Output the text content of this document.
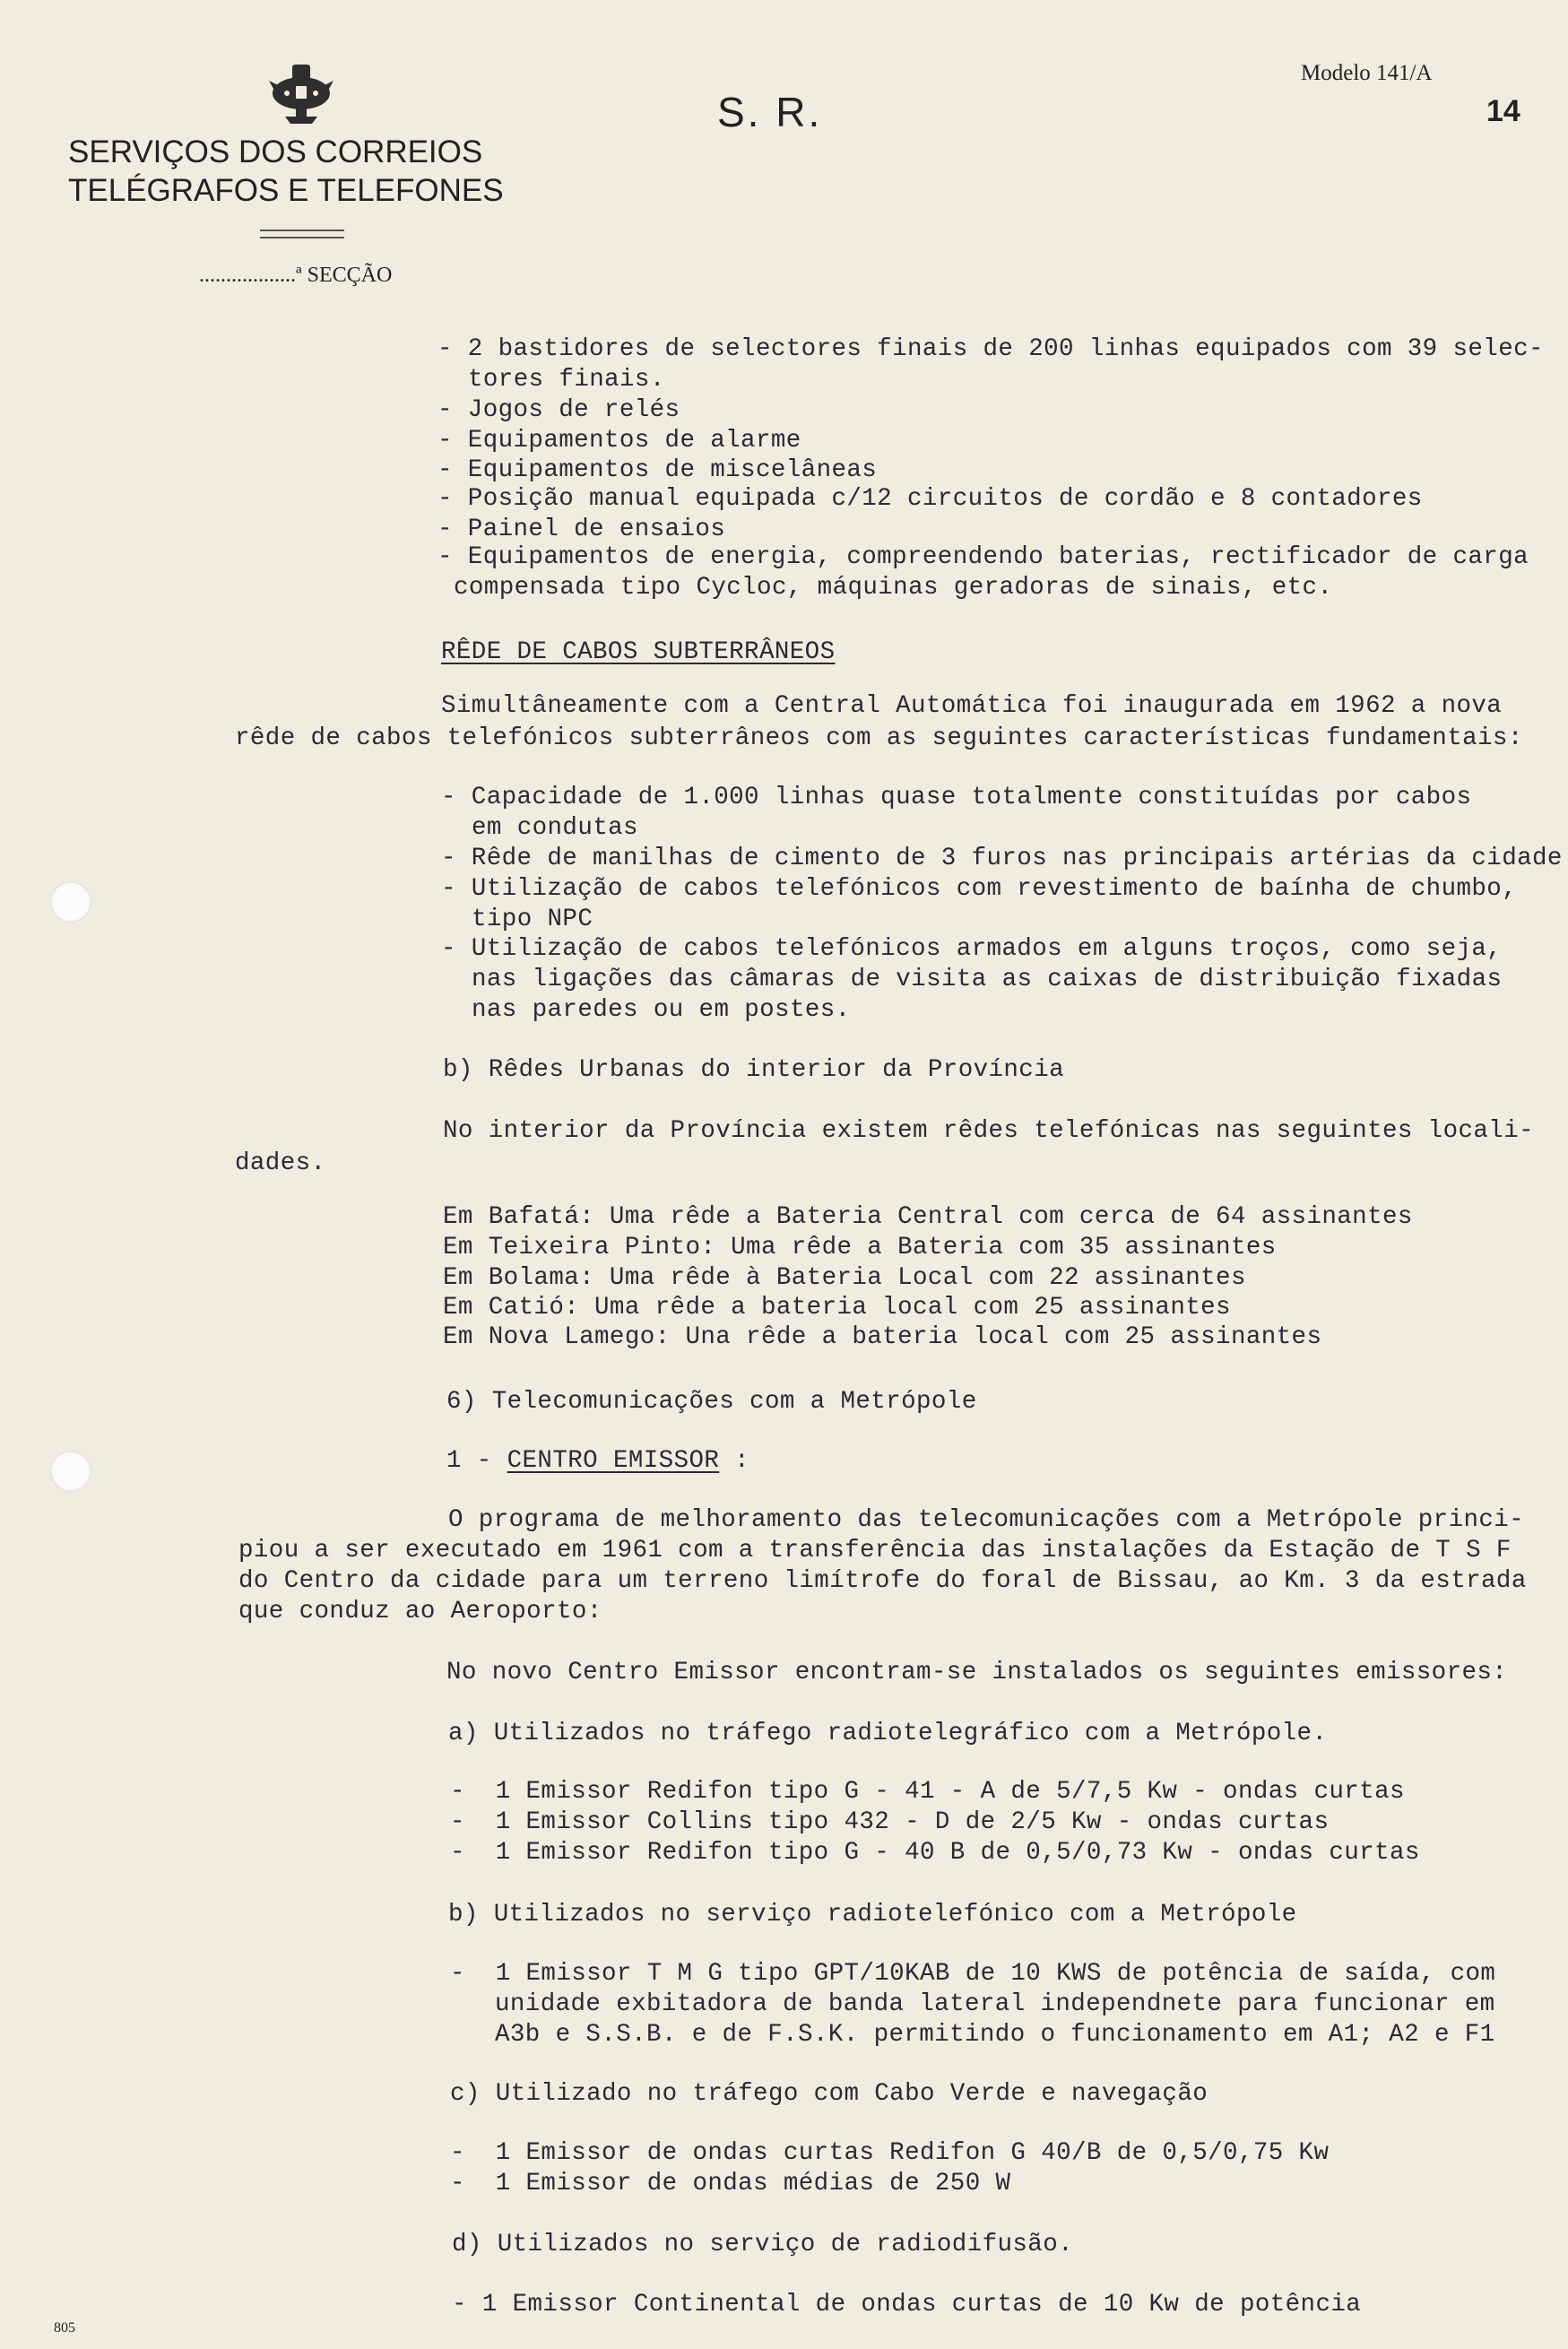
SERVIÇOS DOS CORREIOS
TELÉGRAFOS E TELEFONES
..................ª SECÇÃO
S. R.
Modelo 141/A
14
- 2 bastidores de selectores finais de 200 linhas equipados com 39 selec-
tores finais.
- Jogos de relés
- Equipamentos de alarme
- Equipamentos de miscelâneas
- Posição manual equipada c/12 circuitos de cordão e 8 contadores
- Painel de ensaios
- Equipamentos de energia, compreendendo baterias, rectificador de carga
compensada tipo Cycloc, máquinas geradoras de sinais, etc.
RÊDE DE CABOS SUBTERRÂNEOS
Simultâneamente com a Central Automática foi inaugurada em 1962 a nova
rêde de cabos telefónicos subterrâneos com as seguintes características fundamentais:
- Capacidade de 1.000 linhas quase totalmente constituídas por cabos
em condutas
- Rêde de manilhas de cimento de 3 furos nas principais artérias da cidade
- Utilização de cabos telefónicos com revestimento de baínha de chumbo,
tipo NPC
- Utilização de cabos telefónicos armados em alguns troços, como seja,
nas ligações das câmaras de visita as caixas de distribuição fixadas
nas paredes ou em postes.
b) Rêdes Urbanas do interior da Província
No interior da Província existem rêdes telefónicas nas seguintes locali-
dades.
Em Bafatá: Uma rêde a Bateria Central com cerca de 64 assinantes
Em Teixeira Pinto: Uma rêde a Bateria com 35 assinantes
Em Bolama: Uma rêde à Bateria Local com 22 assinantes
Em Catió: Uma rêde a bateria local com 25 assinantes
Em Nova Lamego: Una rêde a bateria local com 25 assinantes
6) Telecomunicações com a Metrópole
1 - CENTRO EMISSOR :
O programa de melhoramento das telecomunicações com a Metrópole princi-
piou a ser executado em 1961 com a transferência das instalações da Estação de T S F
do Centro da cidade para um terreno limítrofe do foral de Bissau, ao Km. 3 da estrada
que conduz ao Aeroporto:
No novo Centro Emissor encontram-se instalados os seguintes emissores:
a) Utilizados no tráfego radiotelegráfico com a Metrópole.
-  1 Emissor Redifon tipo G - 41 - A de 5/7,5 Kw - ondas curtas
-  1 Emissor Collins tipo 432 - D de 2/5 Kw - ondas curtas
-  1 Emissor Redifon tipo G - 40 B de 0,5/0,73 Kw - ondas curtas
b) Utilizados no serviço radiotelefónico com a Metrópole
-  1 Emissor T M G tipo GPT/10KAB de 10 KWS de potência de saída, com
unidade exbitadora de banda lateral independnete para funcionar em
A3b e S.S.B. e de F.S.K. permitindo o funcionamento em A1; A2 e F1
c) Utilizado no tráfego com Cabo Verde e navegação
-  1 Emissor de ondas curtas Redifon G 40/B de 0,5/0,75 Kw
-  1 Emissor de ondas médias de 250 W
d) Utilizados no serviço de radiodifusão.
- 1 Emissor Continental de ondas curtas de 10 Kw de potência
805
